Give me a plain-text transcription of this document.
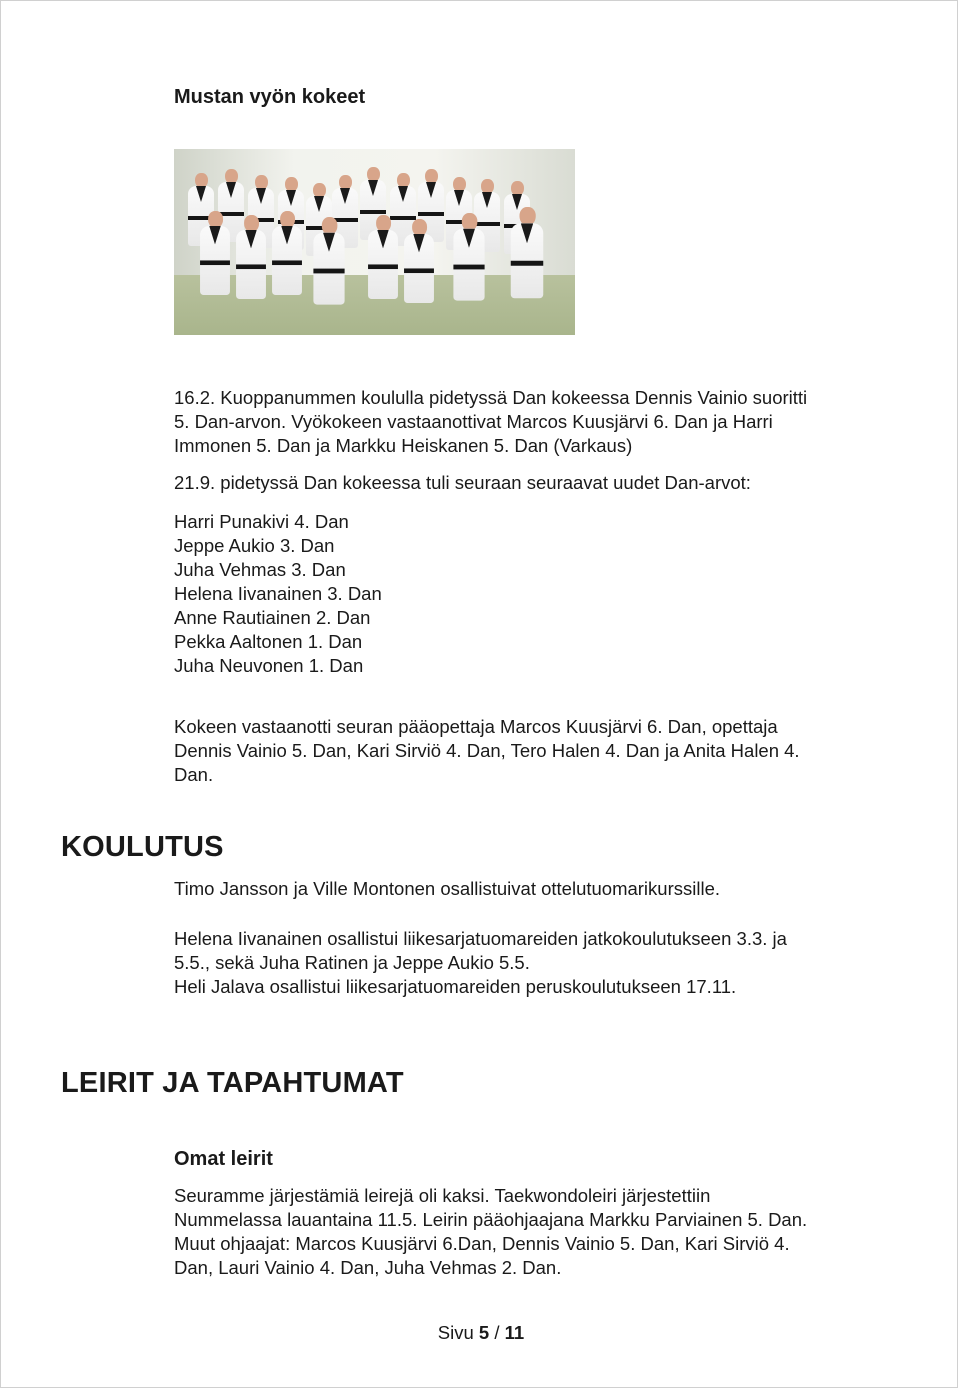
Mustan vyön kokeet
16.2. Kuoppanummen koululla pidetyssä Dan kokeessa Dennis Vainio suoritti
5. Dan-arvon. Vyökokeen vastaanottivat Marcos Kuusjärvi 6. Dan ja Harri
Immonen 5. Dan ja Markku Heiskanen 5. Dan (Varkaus)
21.9. pidetyssä Dan kokeessa tuli seuraan seuraavat uudet Dan-arvot:
Harri Punakivi 4. Dan
Jeppe Aukio 3. Dan
Juha Vehmas 3. Dan
Helena Iivanainen 3. Dan
Anne Rautiainen 2. Dan
Pekka Aaltonen 1. Dan
Juha Neuvonen 1. Dan
Kokeen vastaanotti seuran pääopettaja Marcos Kuusjärvi 6. Dan, opettaja
Dennis Vainio 5. Dan, Kari Sirviö 4. Dan, Tero Halen 4. Dan ja Anita Halen 4.
Dan.
KOULUTUS
Timo Jansson ja Ville Montonen osallistuivat ottelutuomarikurssille.
Helena Iivanainen osallistui liikesarjatuomareiden jatkokoulutukseen 3.3. ja
5.5., sekä Juha Ratinen ja Jeppe Aukio 5.5.
Heli Jalava osallistui liikesarjatuomareiden peruskoulutukseen 17.11.
LEIRIT JA TAPAHTUMAT
Omat leirit
Seuramme järjestämiä leirejä oli kaksi. Taekwondoleiri järjestettiin
Nummelassa lauantaina 11.5. Leirin pääohjaajana Markku Parviainen 5. Dan.
Muut ohjaajat: Marcos Kuusjärvi 6.Dan, Dennis Vainio 5. Dan, Kari Sirviö 4.
Dan, Lauri Vainio 4. Dan, Juha Vehmas 2. Dan.
Sivu 5 / 11
